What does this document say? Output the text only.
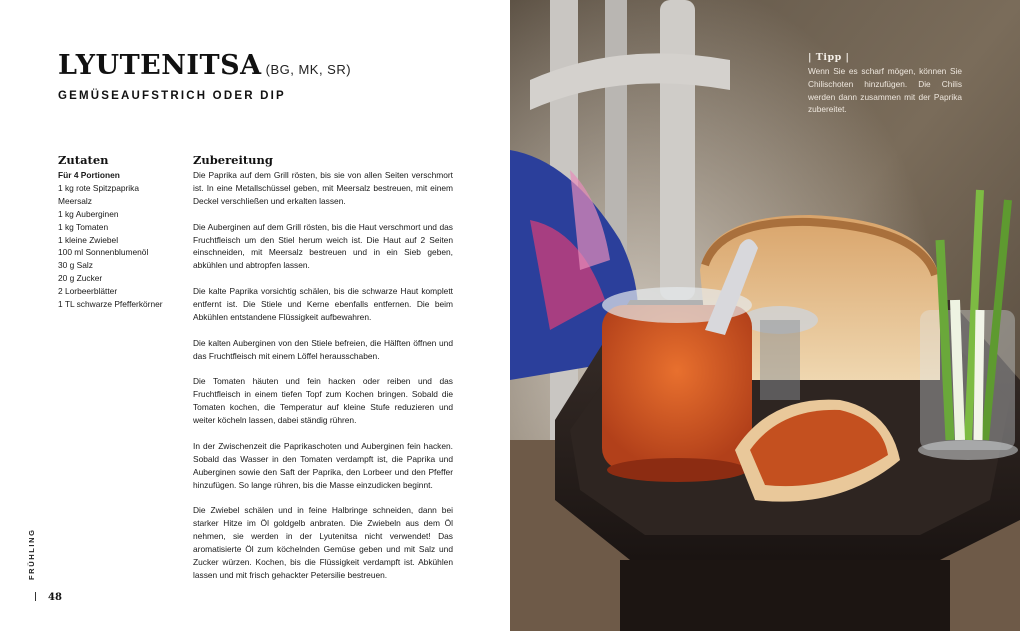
LYUTENITSA (BG, MK, SR)
GEMÜSEAUFSTRICH ODER DIP
Zutaten
Für 4 Portionen
1 kg rote Spitzpaprika
Meersalz
1 kg Auberginen
1 kg Tomaten
1 kleine Zwiebel
100 ml Sonnenblumenöl
30 g Salz
20 g Zucker
2 Lorbeerblätter
1 TL schwarze Pfefferkörner
Zubereitung

Die Paprika auf dem Grill rösten, bis sie von allen Seiten verschmort ist. In eine Metallschüssel geben, mit Meersalz bestreuen, mit einem Deckel verschließen und erkalten lassen.

Die Auberginen auf dem Grill rösten, bis die Haut verschmort und das Fruchtfleisch um den Stiel herum weich ist. Die Haut auf 2 Seiten einschneiden, mit Meersalz bestreuen und in ein Sieb geben, abkühlen und abtropfen lassen.

Die kalte Paprika vorsichtig schälen, bis die schwarze Haut komplett entfernt ist. Die Stiele und Kerne ebenfalls entfernen. Die beim Abkühlen entstandene Flüssigkeit aufbewahren.

Die kalten Auberginen von den Stiele befreien, die Hälften öffnen und das Fruchtfleisch mit einem Löffel herausschaben.

Die Tomaten häuten und fein hacken oder reiben und das Fruchtfleisch in einem tiefen Topf zum Kochen bringen. Sobald die Tomaten kochen, die Temperatur auf kleine Stufe reduzieren und weiter köcheln lassen, dabei ständig rühren.

In der Zwischenzeit die Paprikaschoten und Auberginen fein hacken. Sobald das Wasser in den Tomaten verdampft ist, die Paprika und Auberginen sowie den Saft der Paprika, den Lorbeer und den Pfeffer hinzufügen. So lange rühren, bis die Masse einzudicken beginnt.

Die Zwiebel schälen und in feine Halbringe schneiden, dann bei starker Hitze im Öl goldgelb anbraten. Die Zwiebeln aus dem Öl nehmen, sie werden in der Lyutenitsa nicht verwendet! Das aromatisierte Öl zum köchelnden Gemüse geben und mit Salz und Zucker würzen. Kochen, bis die Flüssigkeit verdampft ist. Abkühlen lassen und mit frisch gehackter Petersilie bestreuen.

FRÜHLING
48
| Tipp |
Wenn Sie es scharf mögen, können Sie Chilischoten hinzufügen. Die Chilis werden dann zusammen mit der Paprika zubereitet.
